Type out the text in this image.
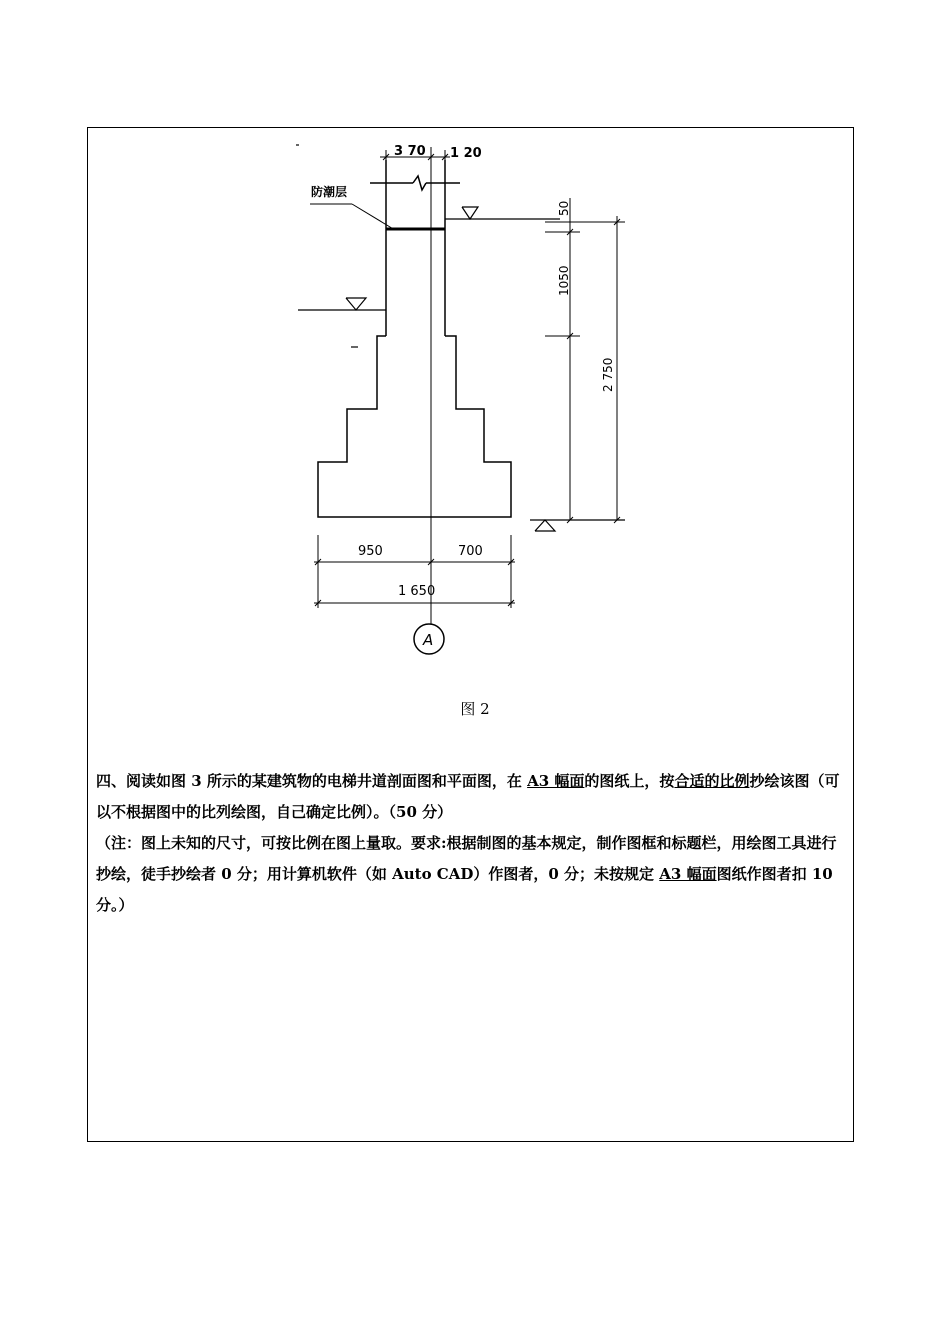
3 70 1 20
防潮层
50
1050
2 750
950	700
1 650
A
图 2

四、阅读如图 3 所示的某建筑物的电梯井道剖面图和平面图，在 A3 幅面的图纸上，按合适的比例抄绘该图（可以不根据图中的比列绘图，自己确定比例）。（50 分）

（注：图上未知的尺寸，可按比例在图上量取。要求:根据制图的基本规定，制作图框和标题栏，用绘图工具进行抄绘，徒手抄绘者 0 分；用计算机软件（如 Auto CAD）作图者，0 分；未按规定 A3 幅面图纸作图者扣 10 分。）
